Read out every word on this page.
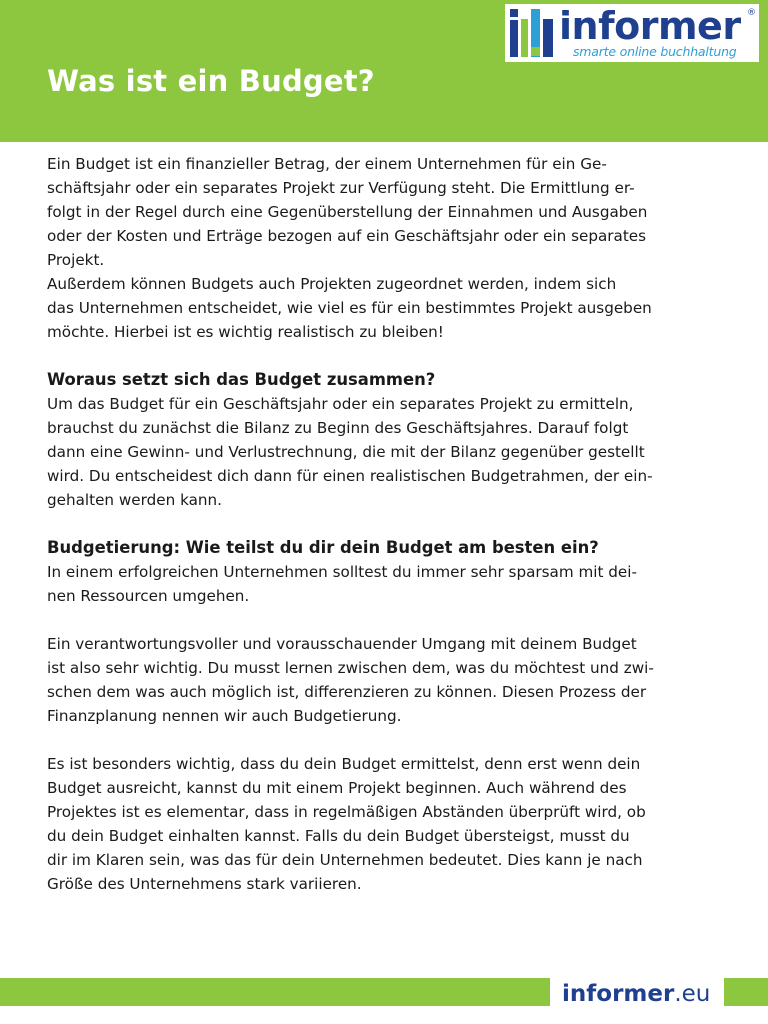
Was ist ein Budget?
informer ®
smarte online buchhaltung

Ein Budget ist ein finanzieller Betrag, der einem Unternehmen für ein Ge-
schäftsjahr oder ein separates Projekt zur Verfügung steht. Die Ermittlung er-
folgt in der Regel durch eine Gegenüberstellung der Einnahmen und Ausgaben
oder der Kosten und Erträge bezogen auf ein Geschäftsjahr oder ein separates
Projekt.
Außerdem können Budgets auch Projekten zugeordnet werden, indem sich
das Unternehmen entscheidet, wie viel es für ein bestimmtes Projekt ausgeben
möchte. Hierbei ist es wichtig realistisch zu bleiben!

Woraus setzt sich das Budget zusammen?

Um das Budget für ein Geschäftsjahr oder ein separates Projekt zu ermitteln,
brauchst du zunächst die Bilanz zu Beginn des Geschäftsjahres. Darauf folgt
dann eine Gewinn- und Verlustrechnung, die mit der Bilanz gegenüber gestellt
wird. Du entscheidest dich dann für einen realistischen Budgetrahmen, der ein-
gehalten werden kann.

Budgetierung: Wie teilst du dir dein Budget am besten ein?

In einem erfolgreichen Unternehmen solltest du immer sehr sparsam mit dei-
nen Ressourcen umgehen.

Ein verantwortungsvoller und vorausschauender Umgang mit deinem Budget
ist also sehr wichtig. Du musst lernen zwischen dem, was du möchtest und zwi-
schen dem was auch möglich ist, differenzieren zu können. Diesen Prozess der
Finanzplanung nennen wir auch Budgetierung.

Es ist besonders wichtig, dass du dein Budget ermittelst, denn erst wenn dein
Budget ausreicht, kannst du mit einem Projekt beginnen. Auch während des
Projektes ist es elementar, dass in regelmäßigen Abständen überprüft wird, ob
du dein Budget einhalten kannst. Falls du dein Budget übersteigst, musst du
dir im Klaren sein, was das für dein Unternehmen bedeutet. Dies kann je nach
Größe des Unternehmens stark variieren.

informer.eu
